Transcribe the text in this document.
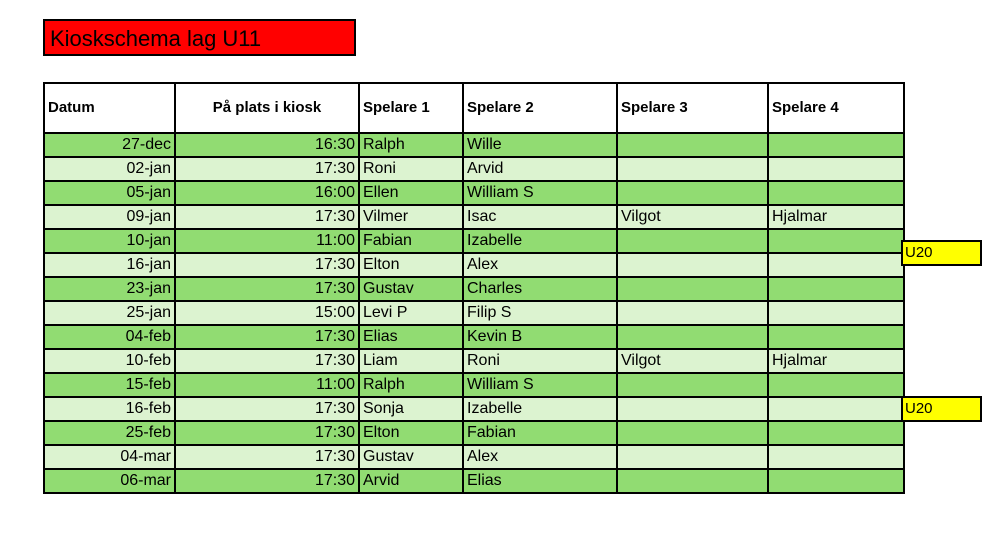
Kioskschema lag U11
Datum	På plats i kiosk	Spelare 1	Spelare 2	Spelare 3	Spelare 4
27-dec	16:30	Ralph	Wille		
02-jan	17:30	Roni	Arvid		
05-jan	16:00	Ellen	William S		
09-jan	17:30	Vilmer	Isac	Vilgot	Hjalmar
10-jan	11:00	Fabian	Izabelle		
16-jan	17:30	Elton	Alex		
23-jan	17:30	Gustav	Charles		
25-jan	15:00	Levi P	Filip S		
04-feb	17:30	Elias	Kevin B		
10-feb	17:30	Liam	Roni	Vilgot	Hjalmar
15-feb	11:00	Ralph	William S		
16-feb	17:30	Sonja	Izabelle		
25-feb	17:30	Elton	Fabian		
04-mar	17:30	Gustav	Alex		
06-mar	17:30	Arvid	Elias		
U20
U20
